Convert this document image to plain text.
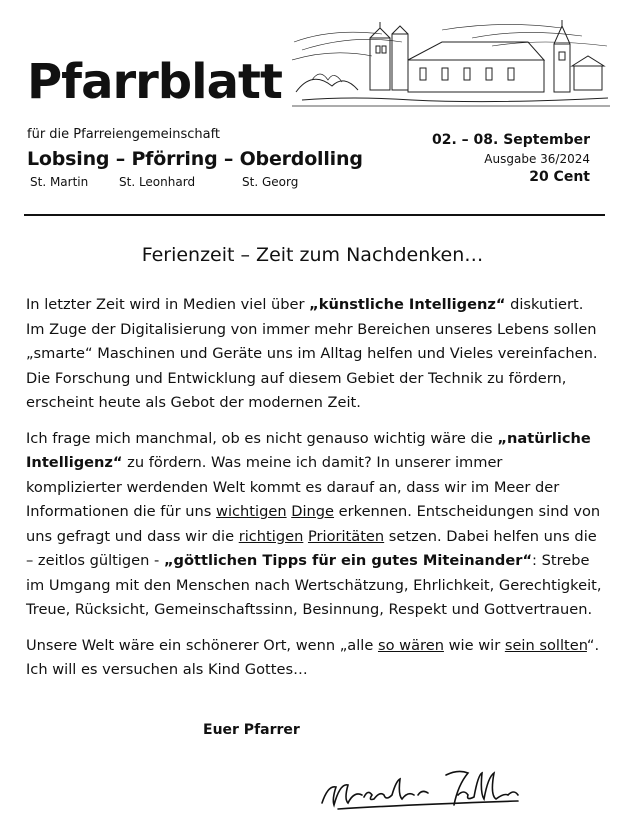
Pfarrblatt
für die Pfarreiengemeinschaft
Lobsing – Pförring – Oberdolling
St. Martin	St. Leonhard	St. Georg
02. – 08. September
Ausgabe 36/2024
20 Cent
Ferienzeit – Zeit zum Nachdenken…

In letzter Zeit wird in Medien viel über „künstliche Intelligenz“ diskutiert. Im Zuge der Digitalisierung von immer mehr Bereichen unseres Lebens sollen „smarte“ Maschinen und Geräte uns im Alltag helfen und Vieles vereinfachen. Die Forschung und Entwicklung auf diesem Gebiet der Technik zu fördern, erscheint heute als Gebot der modernen Zeit.

Ich frage mich manchmal, ob es nicht genauso wichtig wäre die „natürliche Intelligenz“ zu fördern. Was meine ich damit? In unserer immer komplizierter werdenden Welt kommt es darauf an, dass wir im Meer der Informationen die für uns wichtigen Dinge erkennen. Entscheidungen sind von uns gefragt und dass wir die richtigen Prioritäten setzen. Dabei helfen uns die – zeitlos gültigen - „göttlichen Tipps für ein gutes Miteinander“: Strebe im Umgang mit den Menschen nach Wertschätzung, Ehrlichkeit, Gerechtigkeit, Treue, Rücksicht, Gemeinschaftssinn, Besinnung, Respekt und Gottvertrauen.

Unsere Welt wäre ein schönerer Ort, wenn „alle so wären wie wir sein sollten“. Ich will es versuchen als Kind Gottes…

Euer Pfarrer
